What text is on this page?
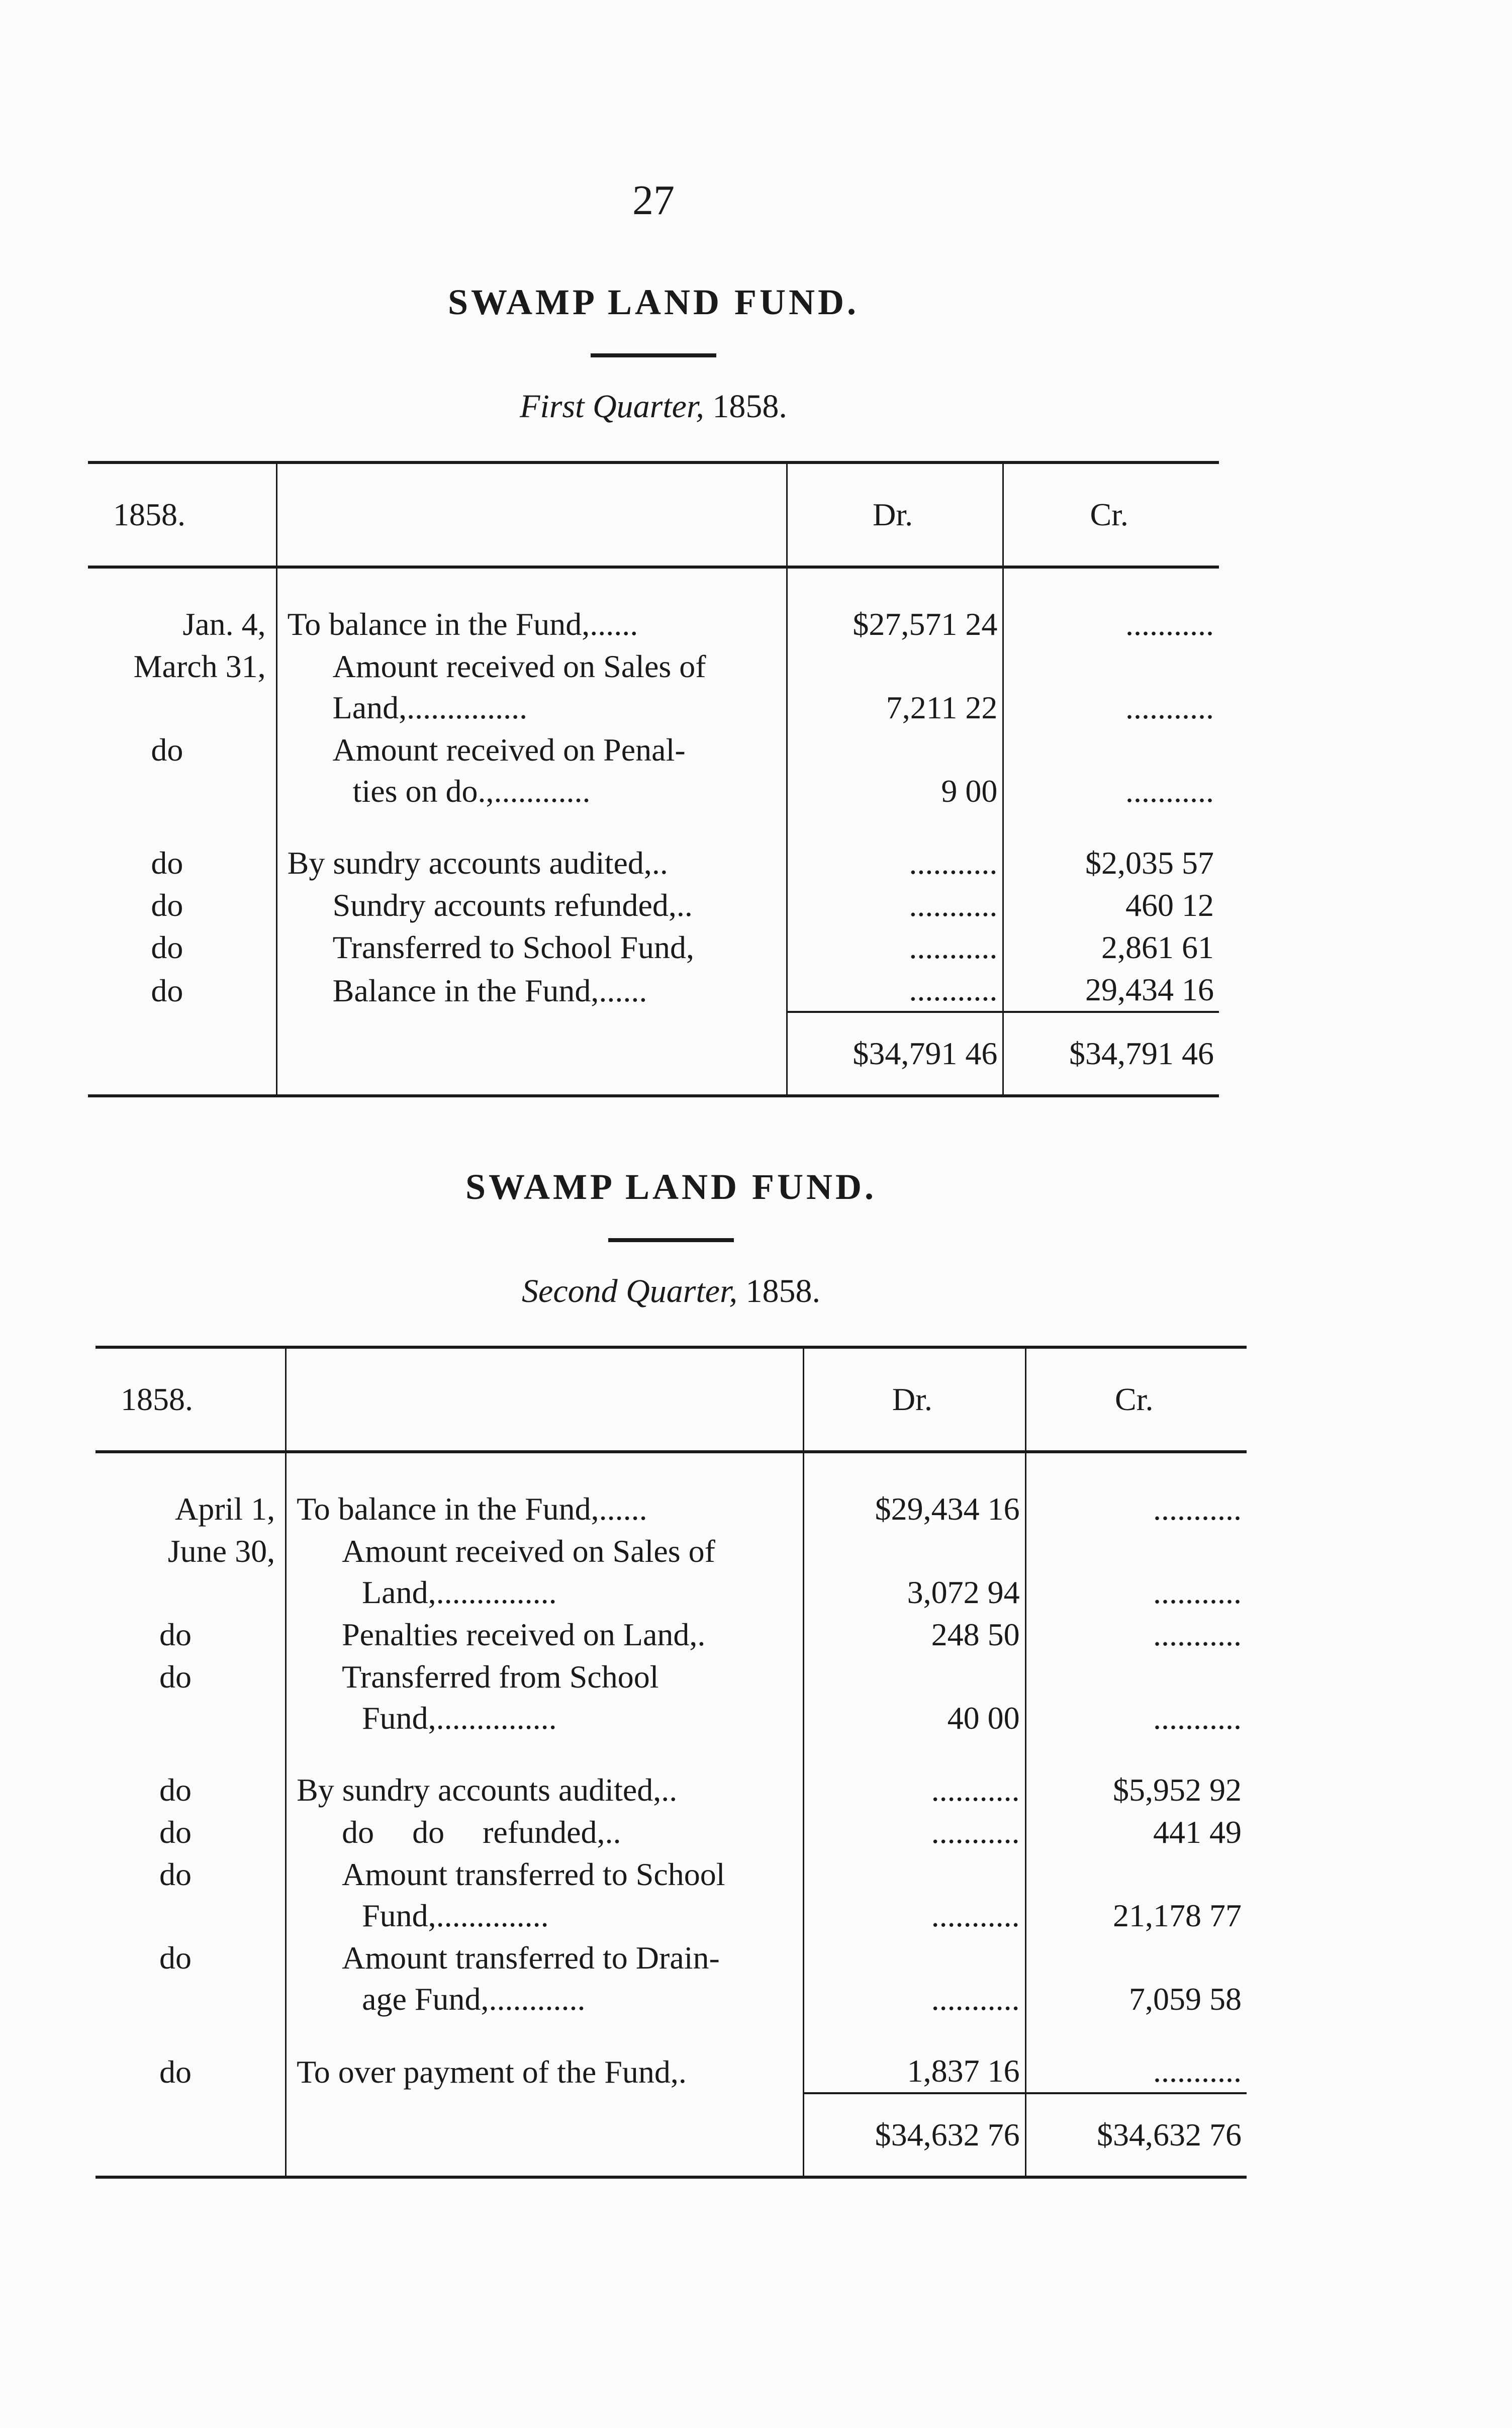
27
SWAMP LAND FUND.

First Quarter, 1858.

1858.		Dr.	Cr.
Jan. 4,	To balance in the Fund,......	$27,571 24	...........
March 31,	Amount received on Sales of
Land,...............	7,211 22	...........
do	Amount received on Penal-
ties on do.,............	9 00	...........
do	By sundry accounts audited,..	...........	$2,035 57
do	Sundry accounts refunded,..	...........	460 12
do	Transferred to School Fund,	...........	2,861 61
do	Balance in the Fund,......	...........	29,434 16
		$34,791 46	$34,791 46
SWAMP LAND FUND.

Second Quarter, 1858.

1858.		Dr.	Cr.
April 1,	To balance in the Fund,......	$29,434 16	...........
June 30,	Amount received on Sales of
Land,...............	3,072 94	...........
do	Penalties received on Land,.	248 50	...........
do	Transferred from School
Fund,...............	40 00	...........
do	By sundry accounts audited,..	...........	$5,952 92
do	do do refunded,..	...........	441 49
do	Amount transferred to School
Fund,..............	...........	21,178 77
do	Amount transferred to Drain-
age Fund,............	...........	7,059 58
do	To over payment of the Fund,.	1,837 16	...........
		$34,632 76	$34,632 76
